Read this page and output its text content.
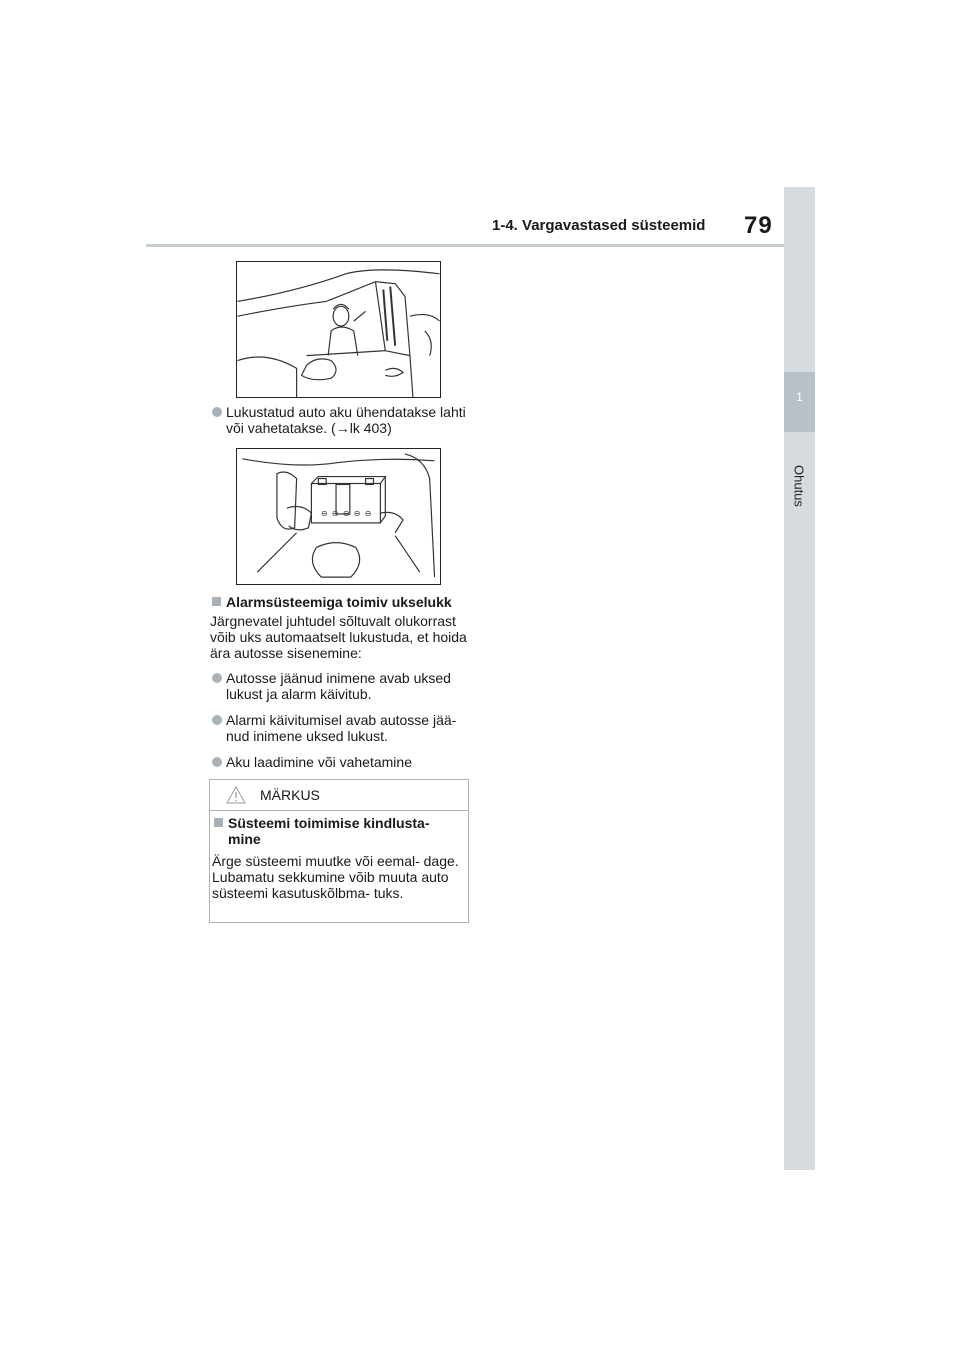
1-4. Vargavastased süsteemid	79
1
Ohutus
Lukustatud auto aku ühendatakse lahti või vahetatakse. (→lk 403)
⊖ ⊖ ⊖ ⊖ ⊖
Alarmsüsteemiga toimiv ukselukk
Järgnevatel juhtudel sõltuvalt olukorrast võib uks automaatselt lukustuda, et hoida ära autosse sisenemine:
Autosse jäänud inimene avab uksed lukust ja alarm käivitub.
Alarmi käivitumisel avab autosse jää- nud inimene uksed lukust.
Aku laadimine või vahetamine
MÄRKUS
Süsteemi toimimise kindlusta- mine
Ärge süsteemi muutke või eemal- dage. Lubamatu sekkumine võib muuta auto süsteemi kasutuskõlbma- tuks.
